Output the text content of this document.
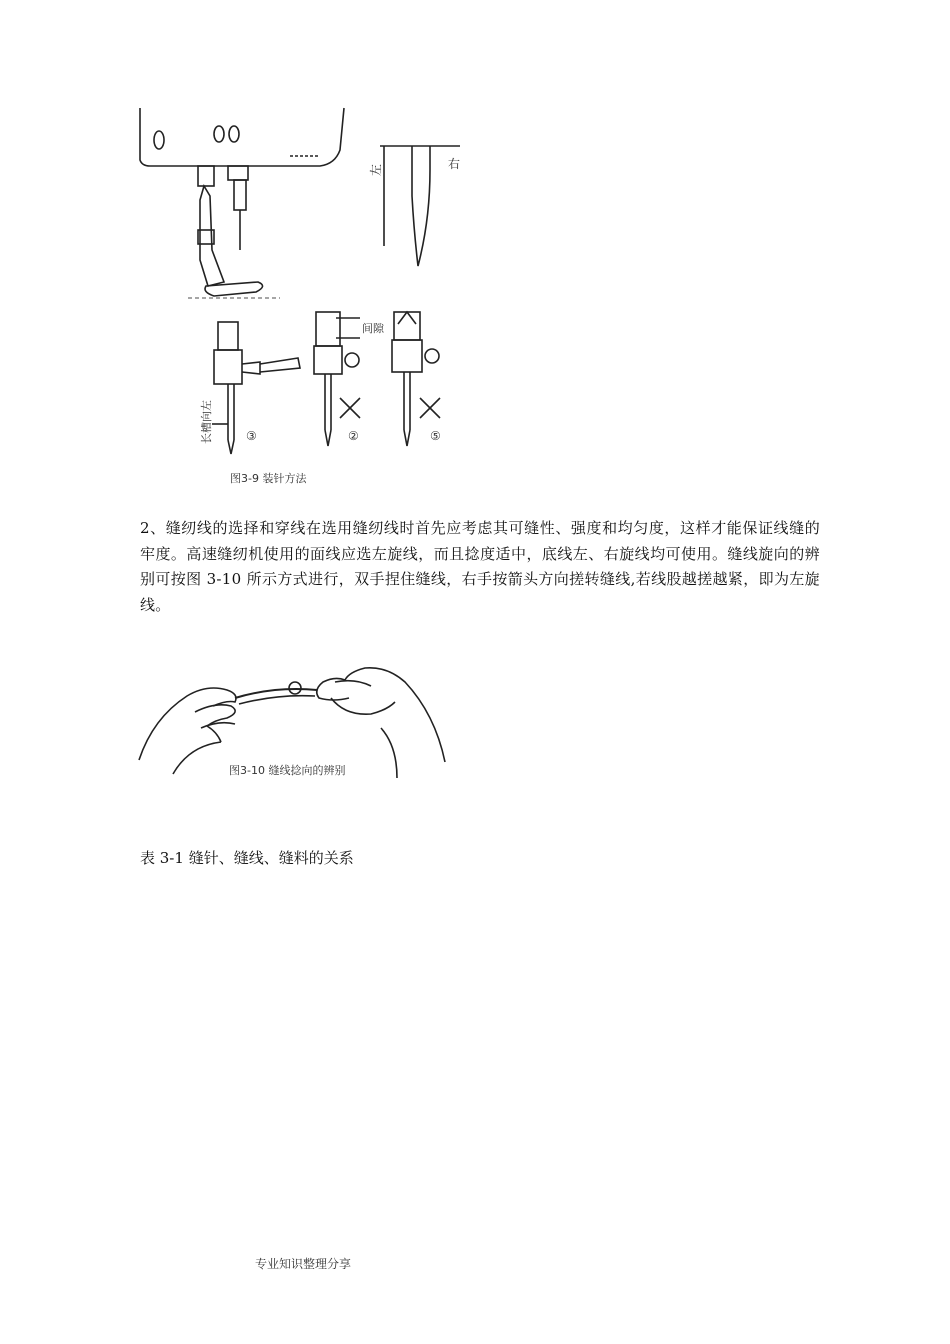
左	右
间隙
长槽向左	③	②	⑤
图3-9 装针方法
2、缝纫线的选择和穿线在选用缝纫线时首先应考虑其可缝性、强度和均匀度，这样才能保证线缝的牢度。高速缝纫机使用的面线应选左旋线，而且捻度适中，底线左、右旋线均可使用。缝线旋向的辨别可按图 3-10 所示方式进行，双手捏住缝线，右手按箭头方向搓转缝线,若线股越搓越紧，即为左旋线。
图3-10 缝线捻向的辨别
表 3-1 缝针、缝线、缝料的关系
专业知识整理分享
